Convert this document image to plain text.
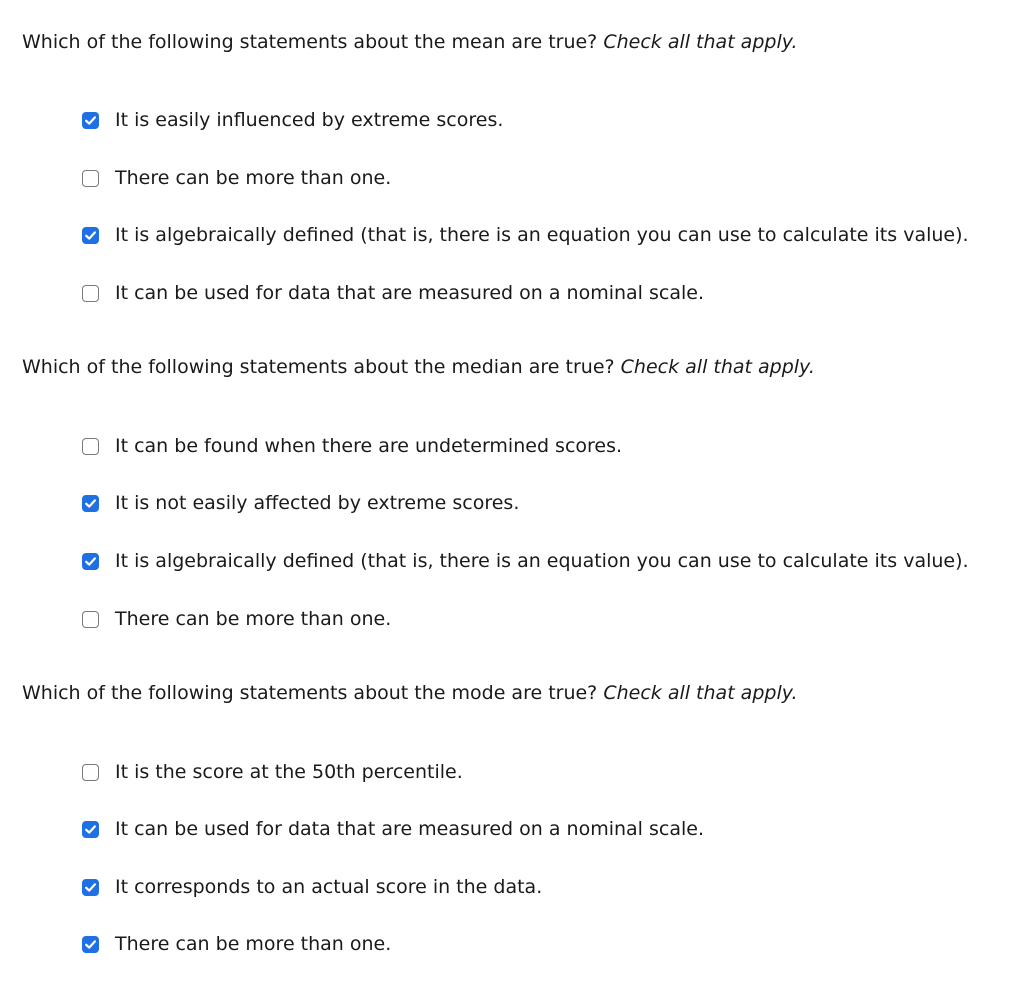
Which of the following statements about the mean are true? Check all that apply.

It is easily influenced by extreme scores.
There can be more than one.
It is algebraically defined (that is, there is an equation you can use to calculate its value).
It can be used for data that are measured on a nominal scale.

Which of the following statements about the median are true? Check all that apply.

It can be found when there are undetermined scores.
It is not easily affected by extreme scores.
It is algebraically defined (that is, there is an equation you can use to calculate its value).
There can be more than one.

Which of the following statements about the mode are true? Check all that apply.

It is the score at the 50th percentile.
It can be used for data that are measured on a nominal scale.
It corresponds to an actual score in the data.
There can be more than one.
